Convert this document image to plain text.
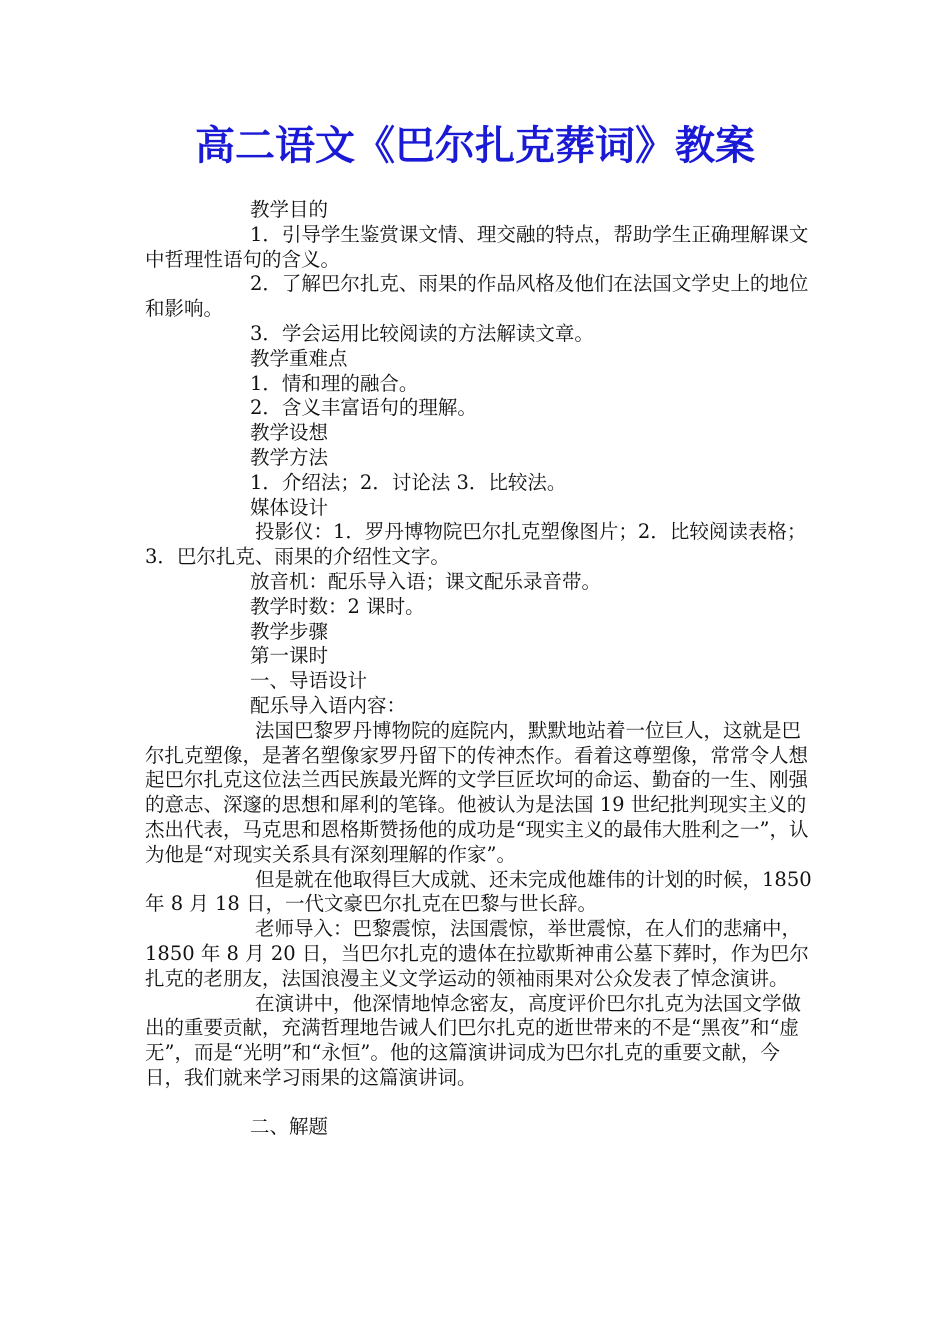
高二语文《巴尔扎克葬词》教案

教学目的

1．引导学生鉴赏课文情、理交融的特点，帮助学生正确理解课文中哲理性语句的含义。

2．了解巴尔扎克、雨果的作品风格及他们在法国文学史上的地位和影响。

3．学会运用比较阅读的方法解读文章。

教学重难点

1．情和理的融合。

2．含义丰富语句的理解。

教学设想

教学方法

1．介绍法；2．讨论法 3．比较法。

媒体设计

投影仪：1．罗丹博物院巴尔扎克塑像图片；2．比较阅读表格；3．巴尔扎克、雨果的介绍性文字。

放音机：配乐导入语；课文配乐录音带。

教学时数：2 课时。

教学步骤

第一课时

一、导语设计

配乐导入语内容：

法国巴黎罗丹博物院的庭院内，默默地站着一位巨人，这就是巴尔扎克塑像，是著名塑像家罗丹留下的传神杰作。看着这尊塑像，常常令人想起巴尔扎克这位法兰西民族最光辉的文学巨匠坎坷的命运、勤奋的一生、刚强的意志、深邃的思想和犀利的笔锋。他被认为是法国 19 世纪批判现实主义的杰出代表，马克思和恩格斯赞扬他的成功是“现实主义的最伟大胜利之一”，认为他是“对现实关系具有深刻理解的作家”。

但是就在他取得巨大成就、还未完成他雄伟的计划的时候，1850 年 8 月 18 日，一代文豪巴尔扎克在巴黎与世长辞。

老师导入：巴黎震惊，法国震惊，举世震惊，在人们的悲痛中，1850 年 8 月 20 日，当巴尔扎克的遗体在拉歇斯神甫公墓下葬时，作为巴尔扎克的老朋友，法国浪漫主义文学运动的领袖雨果对公众发表了悼念演讲。

在演讲中，他深情地悼念密友，高度评价巴尔扎克为法国文学做出的重要贡献，充满哲理地告诫人们巴尔扎克的逝世带来的不是“黑夜”和“虚无”，而是“光明”和“永恒”。他的这篇演讲词成为巴尔扎克的重要文献，今日，我们就来学习雨果的这篇演讲词。

二、解题
